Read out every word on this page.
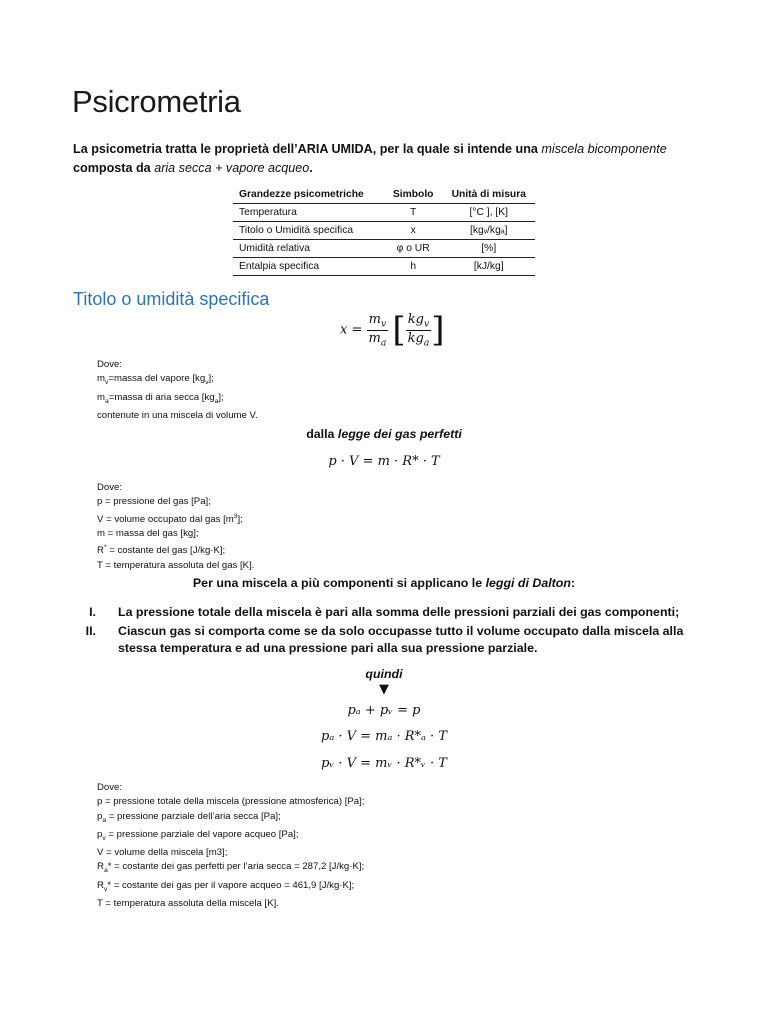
Psicrometria
La psicometria tratta le proprietà dell’ARIA UMIDA, per la quale si intende una miscela bicomponente
composta da aria secca + vapore acqueo.
Grandezze psicometriche	Simbolo	Unità di misura
Temperatura	T	[°C ], [K]
Titolo o Umidità specifica	x	[kgᵥ/kgₐ]
Umidità relativa	φ o UR	[%]
Entalpia specifica	h	[kJ/kg]
Titolo o umidità specifica
$x = \frac{m_v}{m_a}$ [ $\frac{kg_v}{kg_a}$ ]
Dove:
$m_v=massa$ del vapore $[kg_v]$;
$m_a=massa$ di aria secca $[kg_a]$;
contenute in una miscela di volume V.
dalla legge dei gas perfetti
p · V = m · R* · T
Dove:
p = pressione del gas [Pa];
V = volume occupato dal gas $[m^3]$;
m = massa del gas [kg];
R* = costante del gas [J/kg·K];
T = temperatura assoluta del gas [K].
Per una miscela a più componenti si applicano le leggi di Dalton:
I. La pressione totale della miscela è pari alla somma delle pressioni parziali dei gas componenti;
II. Ciascun gas si comporta come se da solo occupasse tutto il volume occupato dalla miscela alla
stessa temperatura e ad una pressione pari alla sua pressione parziale.
quindi
▼
pₐ + pᵥ = p
pₐ · V = mₐ · R*ₐ · T
pᵥ · V = mᵥ · R*ᵥ · T
Dove:
p = pressione totale della miscela (pressione atmosferica) [Pa];
$p_a$ = pressione parziale dell’aria secca [Pa];
$p_v$ = pressione parziale del vapore acqueo [Pa];
V = volume della miscela [m3];
$R_a*$ = costante dei gas perfetti per l’aria secca = 287,2 [J/kg·K];
$R_v*$ = costante dei gas per il vapore acqueo = 461,9 [J/kg·K];
T = temperatura assoluta della miscela [K].
